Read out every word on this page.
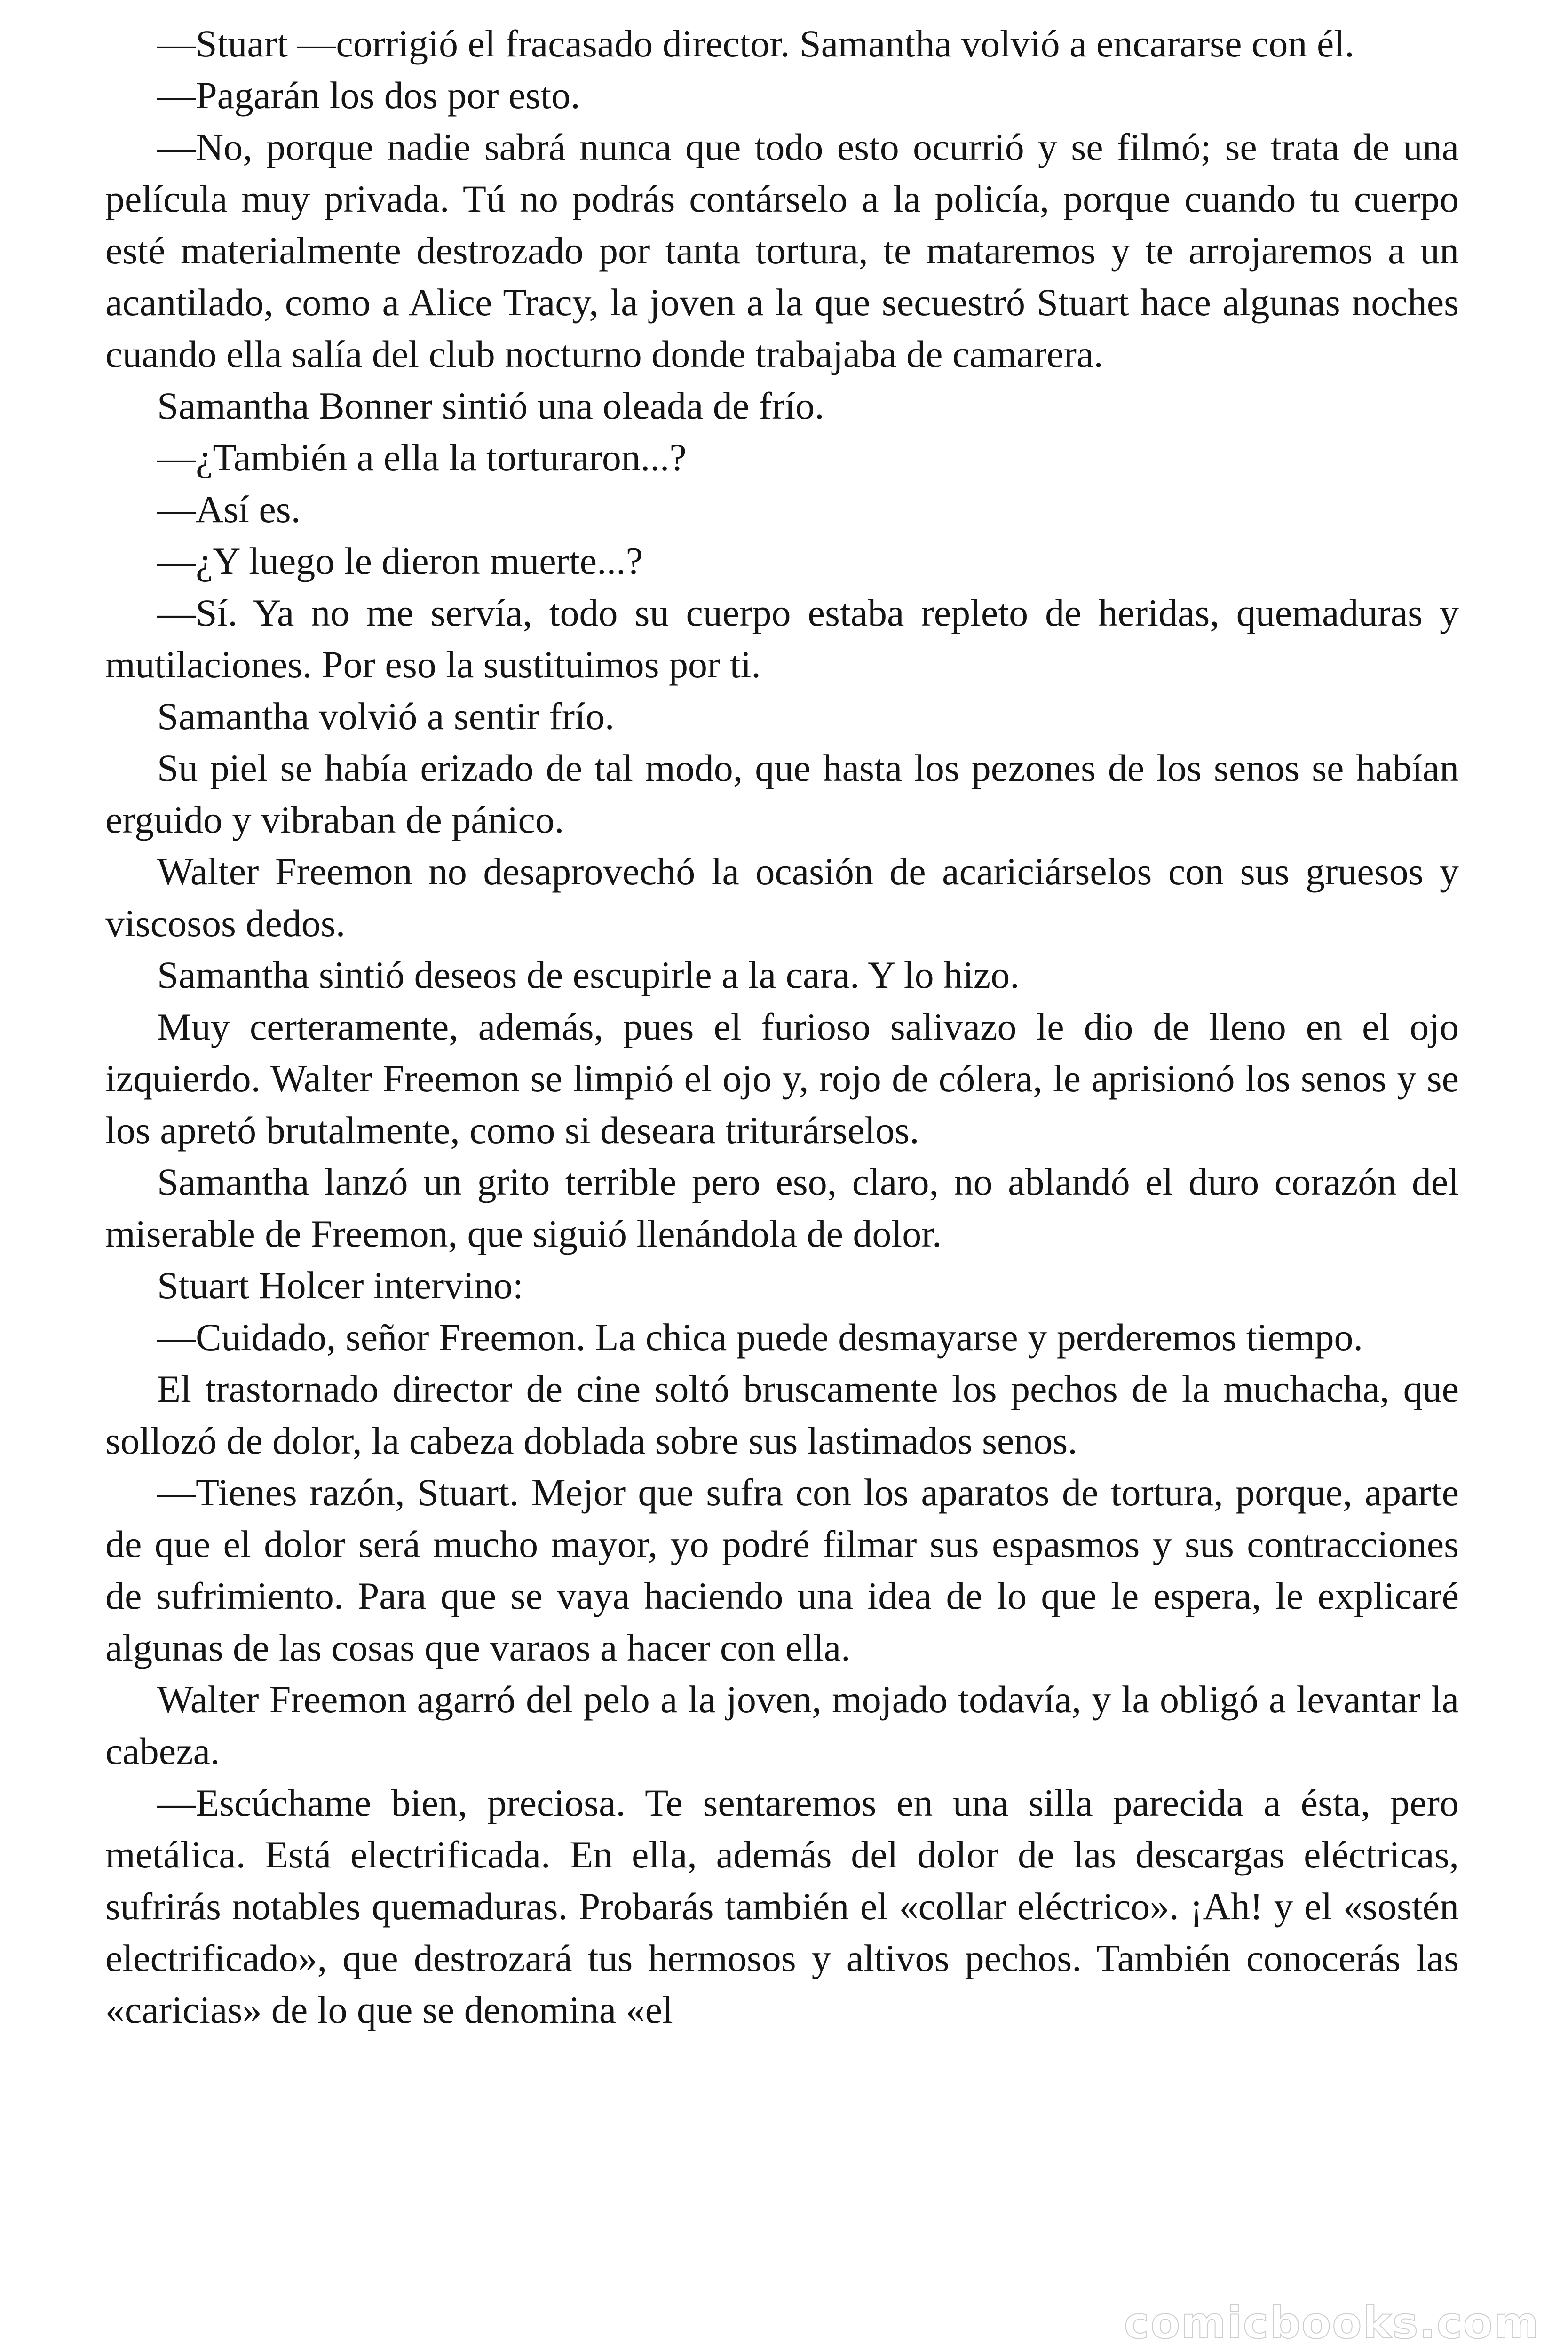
—Stuart —corrigió el fracasado director. Samantha volvió a encararse con él.

—Pagarán los dos por esto.

—No, porque nadie sabrá nunca que todo esto ocurrió y se filmó; se trata de una película muy privada. Tú no podrás contárselo a la policía, porque cuando tu cuerpo esté materialmente destrozado por tanta tortura, te mataremos y te arrojaremos a un acantilado, como a Alice Tracy, la joven a la que secuestró Stuart hace algunas noches cuando ella salía del club nocturno donde trabajaba de camarera.

Samantha Bonner sintió una oleada de frío.

—¿También a ella la torturaron...?

—Así es.

—¿Y luego le dieron muerte...?

—Sí. Ya no me servía, todo su cuerpo estaba repleto de heridas, quemaduras y mutilaciones. Por eso la sustituimos por ti.

Samantha volvió a sentir frío.

Su piel se había erizado de tal modo, que hasta los pezones de los senos se habían erguido y vibraban de pánico.

Walter Freemon no desaprovechó la ocasión de acariciárselos con sus gruesos y viscosos dedos.

Samantha sintió deseos de escupirle a la cara. Y lo hizo.

Muy certeramente, además, pues el furioso salivazo le dio de lleno en el ojo izquierdo. Walter Freemon se limpió el ojo y, rojo de cólera, le aprisionó los senos y se los apretó brutalmente, como si deseara triturárselos.

Samantha lanzó un grito terrible pero eso, claro, no ablandó el duro corazón del miserable de Freemon, que siguió llenándola de dolor.

Stuart Holcer intervino:

—Cuidado, señor Freemon. La chica puede desmayarse y perderemos tiempo.

El trastornado director de cine soltó bruscamente los pechos de la muchacha, que sollozó de dolor, la cabeza doblada sobre sus lastimados senos.

—Tienes razón, Stuart. Mejor que sufra con los aparatos de tortura, porque, aparte de que el dolor será mucho mayor, yo podré filmar sus espasmos y sus contracciones de sufrimiento. Para que se vaya haciendo una idea de lo que le espera, le explicaré algunas de las cosas que varaos a hacer con ella.

Walter Freemon agarró del pelo a la joven, mojado todavía, y la obligó a levantar la cabeza.

—Escúchame bien, preciosa. Te sentaremos en una silla parecida a ésta, pero metálica. Está electrificada. En ella, además del dolor de las descargas eléctricas, sufrirás notables quemaduras. Probarás también el «collar eléctrico». ¡Ah! y el «sostén electrificado», que destrozará tus hermosos y altivos pechos. También conocerás las «caricias» de lo que se denomina «el

comicbooks.com
